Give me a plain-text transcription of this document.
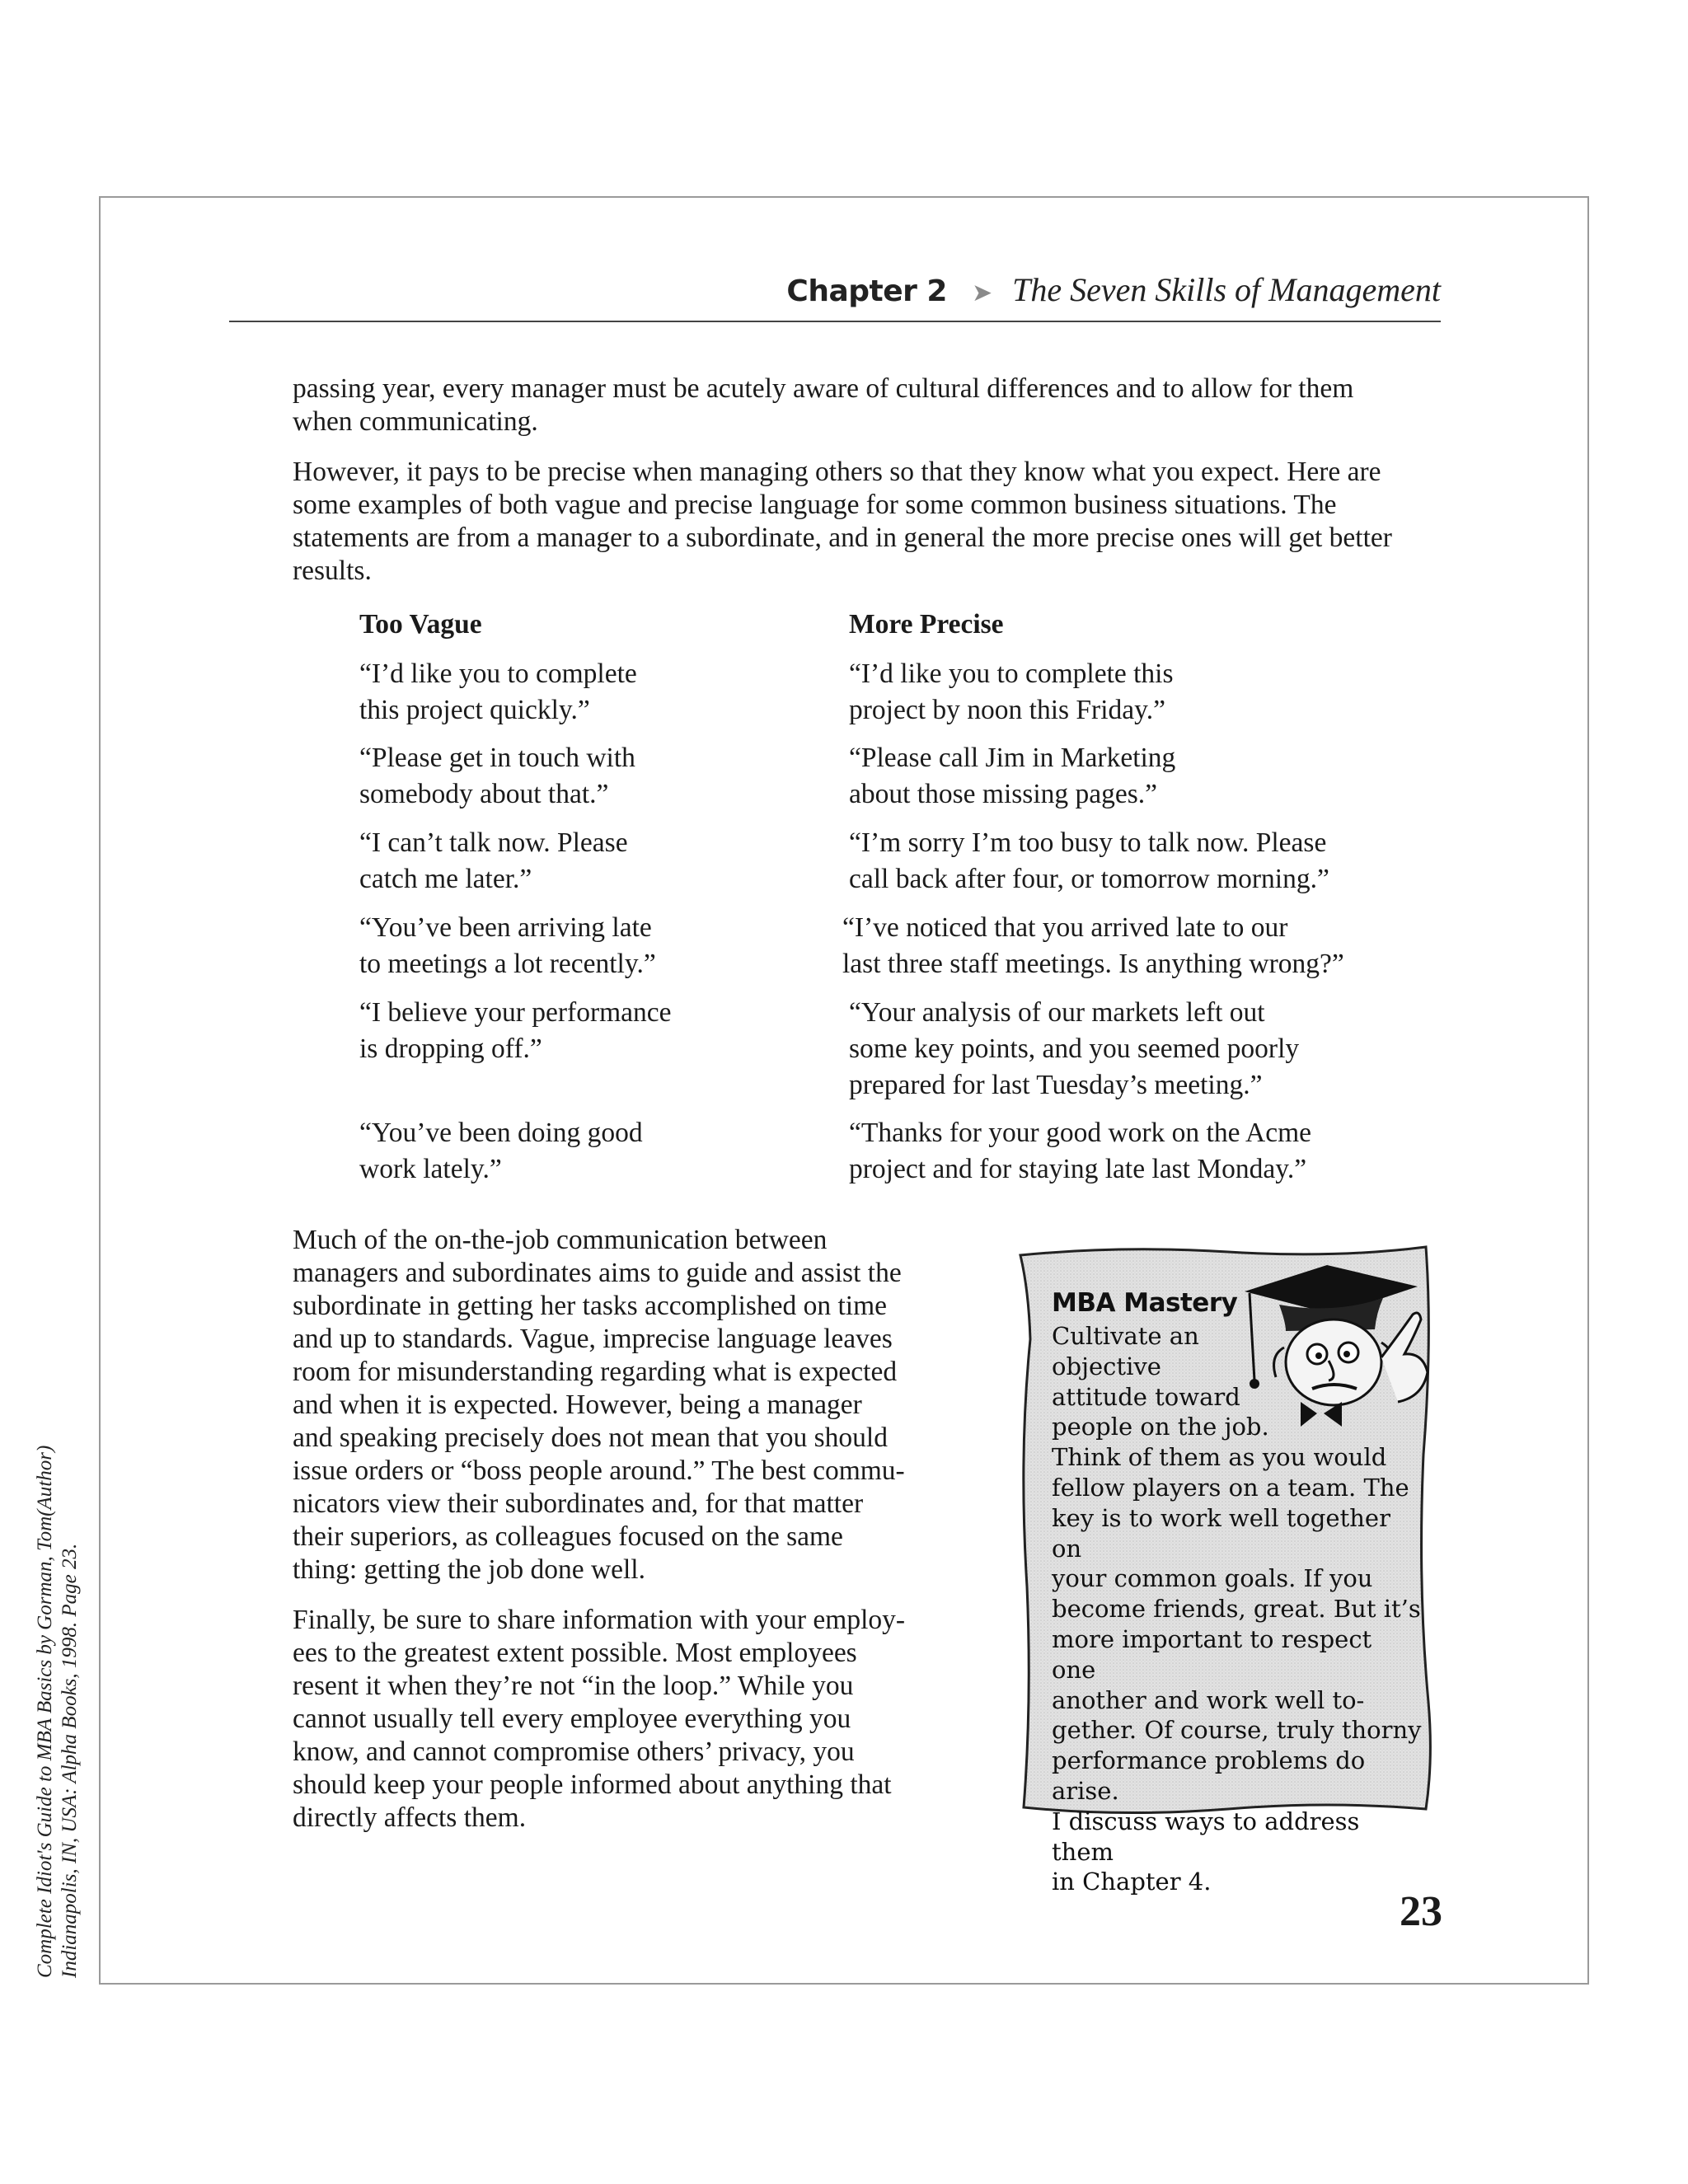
Chapter 2 ➤ The Seven Skills of Management

passing year, every manager must be acutely aware of cultural differences and to allow for them when communicating.

However, it pays to be precise when managing others so that they know what you expect. Here are some examples of both vague and precise language for some common business situations. The statements are from a manager to a subordinate, and in general the more precise ones will get better results.

Too Vague	More Precise
“I’d like you to complete
this project quickly.”
“I’d like you to complete this
project by noon this Friday.”
“Please get in touch with
somebody about that.”
“Please call Jim in Marketing
about those missing pages.”
“I can’t talk now. Please
catch me later.”
“I’m sorry I’m too busy to talk now. Please
call back after four, or tomorrow morning.”
“You’ve been arriving late
to meetings a lot recently.”
“I’ve noticed that you arrived late to our
last three staff meetings. Is anything wrong?”
“I believe your performance
is dropping off.”
“Your analysis of our markets left out
some key points, and you seemed poorly
prepared for last Tuesday’s meeting.”
“You’ve been doing good
work lately.”
“Thanks for your good work on the Acme
project and for staying late last Monday.”
Much of the on-the-job communication between
managers and subordinates aims to guide and assist the
subordinate in getting her tasks accomplished on time
and up to standards. Vague, imprecise language leaves
room for misunderstanding regarding what is expected
and when it is expected. However, being a manager
and speaking precisely does not mean that you should
issue orders or “boss people around.” The best commu-
nicators view their subordinates and, for that matter
their superiors, as colleagues focused on the same
thing: getting the job done well.
Finally, be sure to share information with your employ-
ees to the greatest extent possible. Most employees
resent it when they’re not “in the loop.” While you
cannot usually tell every employee everything you
know, and cannot compromise others’ privacy, you
should keep your people informed about anything that
directly affects them.
MBA Mastery
Cultivate an
objective
attitude toward
people on the job.
Think of them as you would
fellow players on a team. The
key is to work well together on
your common goals. If you
become friends, great. But it’s
more important to respect one
another and work well to-
gether. Of course, truly thorny
performance problems do arise.
I discuss ways to address them
in Chapter 4.
23
Complete Idiot's Guide to MBA Basics by Gorman, Tom(Author) Indianapolis, IN, USA: Alpha Books, 1998. Page 23.
